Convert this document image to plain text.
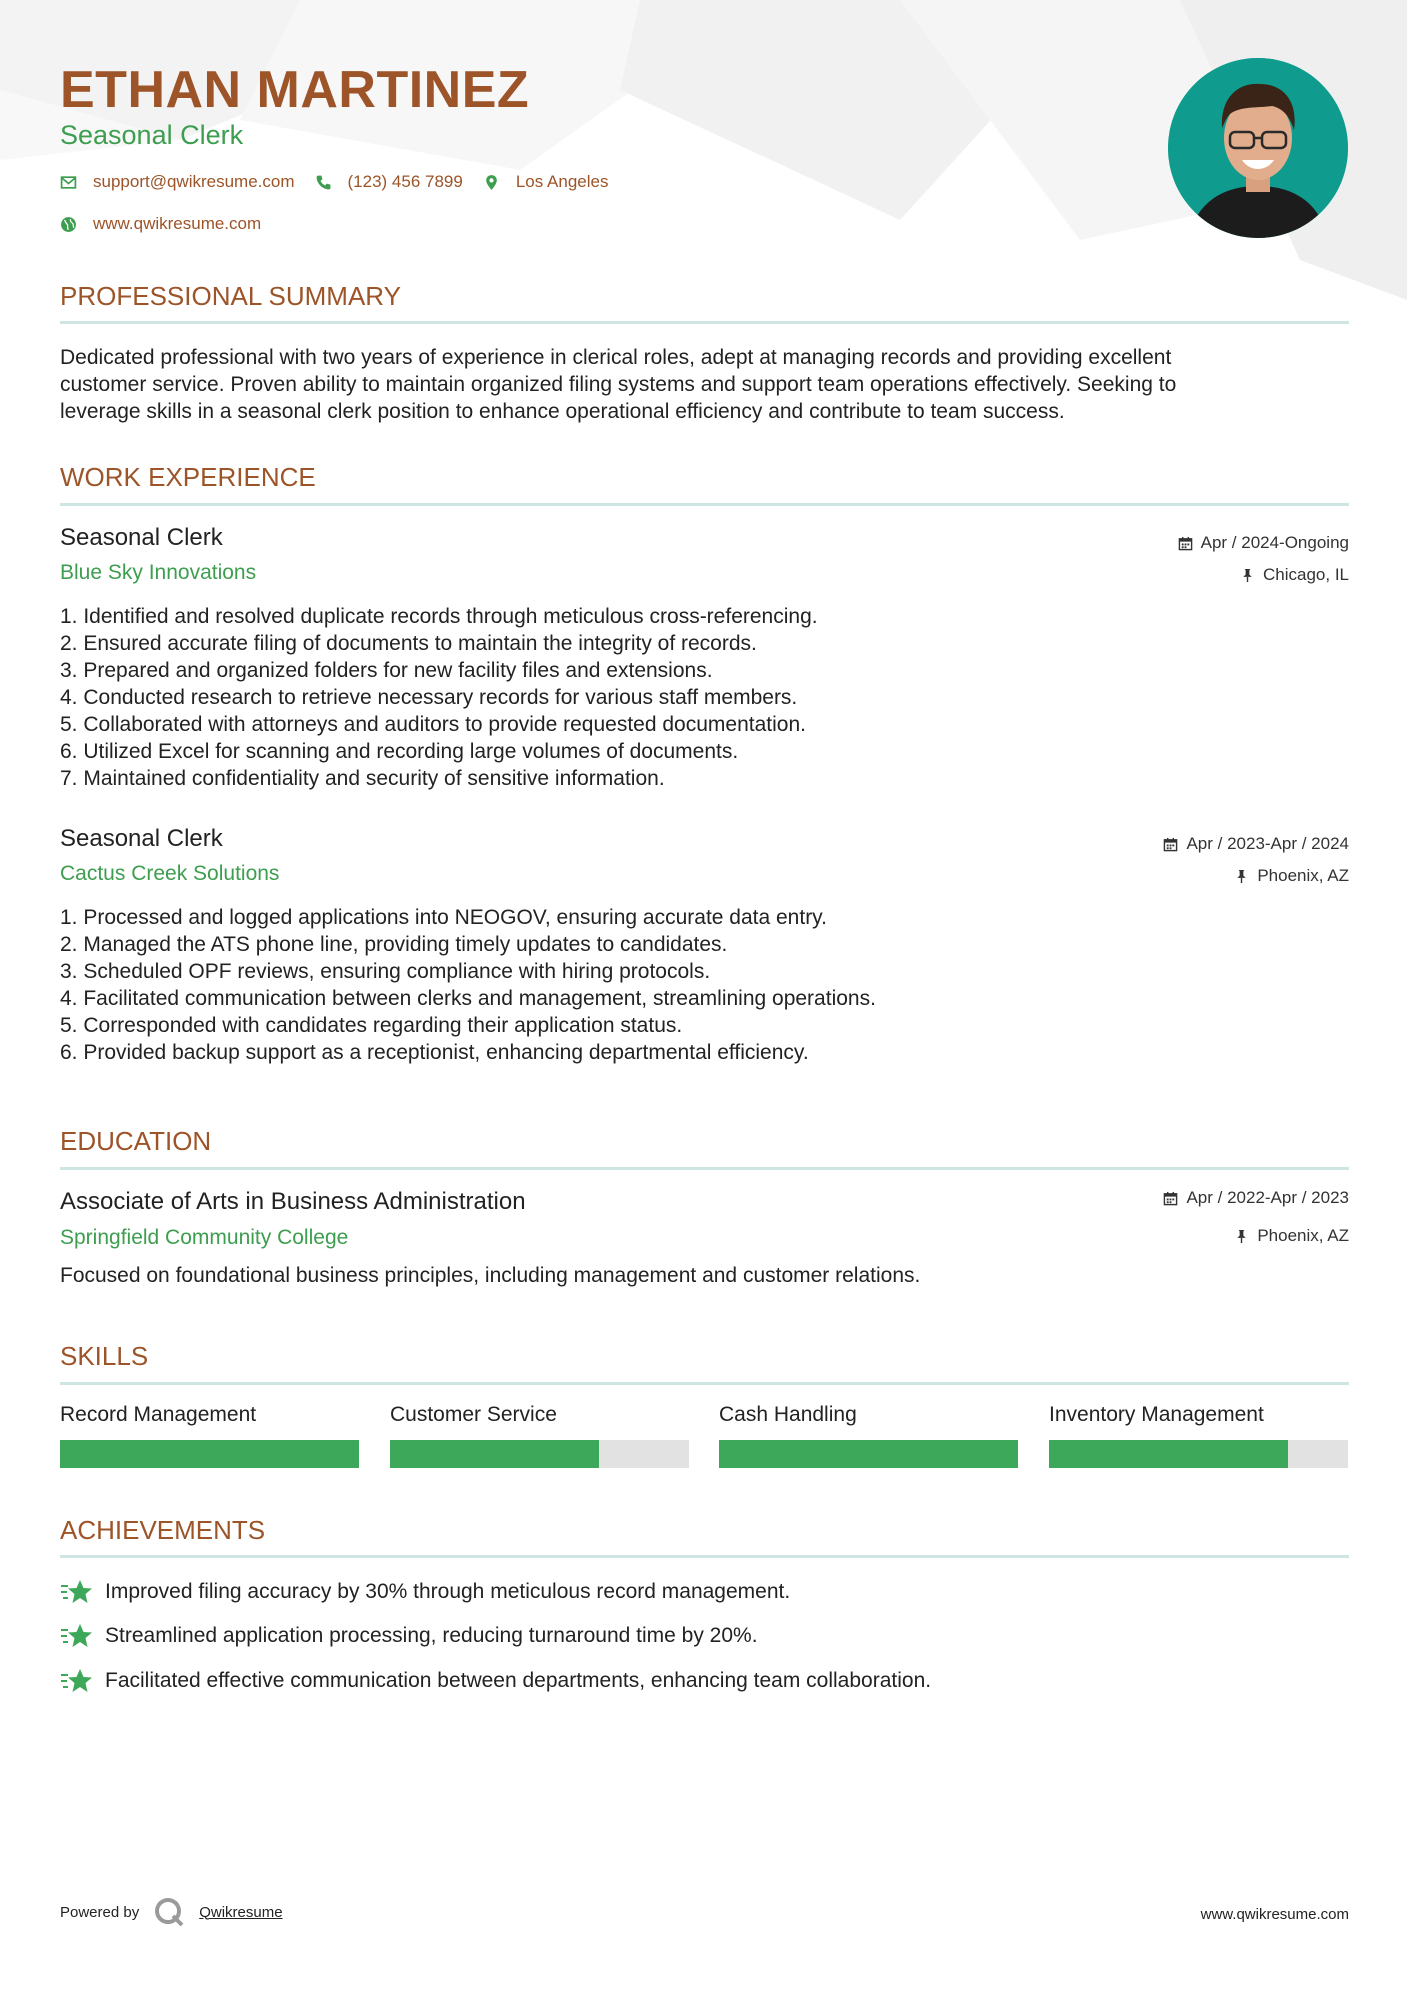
ETHAN MARTINEZ
Seasonal Clerk
support@qwikresume.com	(123) 456 7899	Los Angeles
www.qwikresume.com
PROFESSIONAL SUMMARY
Dedicated professional with two years of experience in clerical roles, adept at managing records and providing excellent
customer service. Proven ability to maintain organized filing systems and support team operations effectively. Seeking to
leverage skills in a seasonal clerk position to enhance operational efficiency and contribute to team success.
WORK EXPERIENCE
Seasonal Clerk
Blue Sky Innovations
Apr / 2024-Ongoing
Chicago, IL
1. Identified and resolved duplicate records through meticulous cross-referencing.
2. Ensured accurate filing of documents to maintain the integrity of records.
3. Prepared and organized folders for new facility files and extensions.
4. Conducted research to retrieve necessary records for various staff members.
5. Collaborated with attorneys and auditors to provide requested documentation.
6. Utilized Excel for scanning and recording large volumes of documents.
7. Maintained confidentiality and security of sensitive information.
Seasonal Clerk
Cactus Creek Solutions
Apr / 2023-Apr / 2024
Phoenix, AZ
1. Processed and logged applications into NEOGOV, ensuring accurate data entry.
2. Managed the ATS phone line, providing timely updates to candidates.
3. Scheduled OPF reviews, ensuring compliance with hiring protocols.
4. Facilitated communication between clerks and management, streamlining operations.
5. Corresponded with candidates regarding their application status.
6. Provided backup support as a receptionist, enhancing departmental efficiency.
EDUCATION
Associate of Arts in Business Administration
Springfield Community College
Apr / 2022-Apr / 2023
Phoenix, AZ
Focused on foundational business principles, including management and customer relations.
SKILLS
Record Management	Customer Service	Cash Handling	Inventory Management
ACHIEVEMENTS
Improved filing accuracy by 30% through meticulous record management.
Streamlined application processing, reducing turnaround time by 20%.
Facilitated effective communication between departments, enhancing team collaboration.
Powered by	Qwikresume	www.qwikresume.com
